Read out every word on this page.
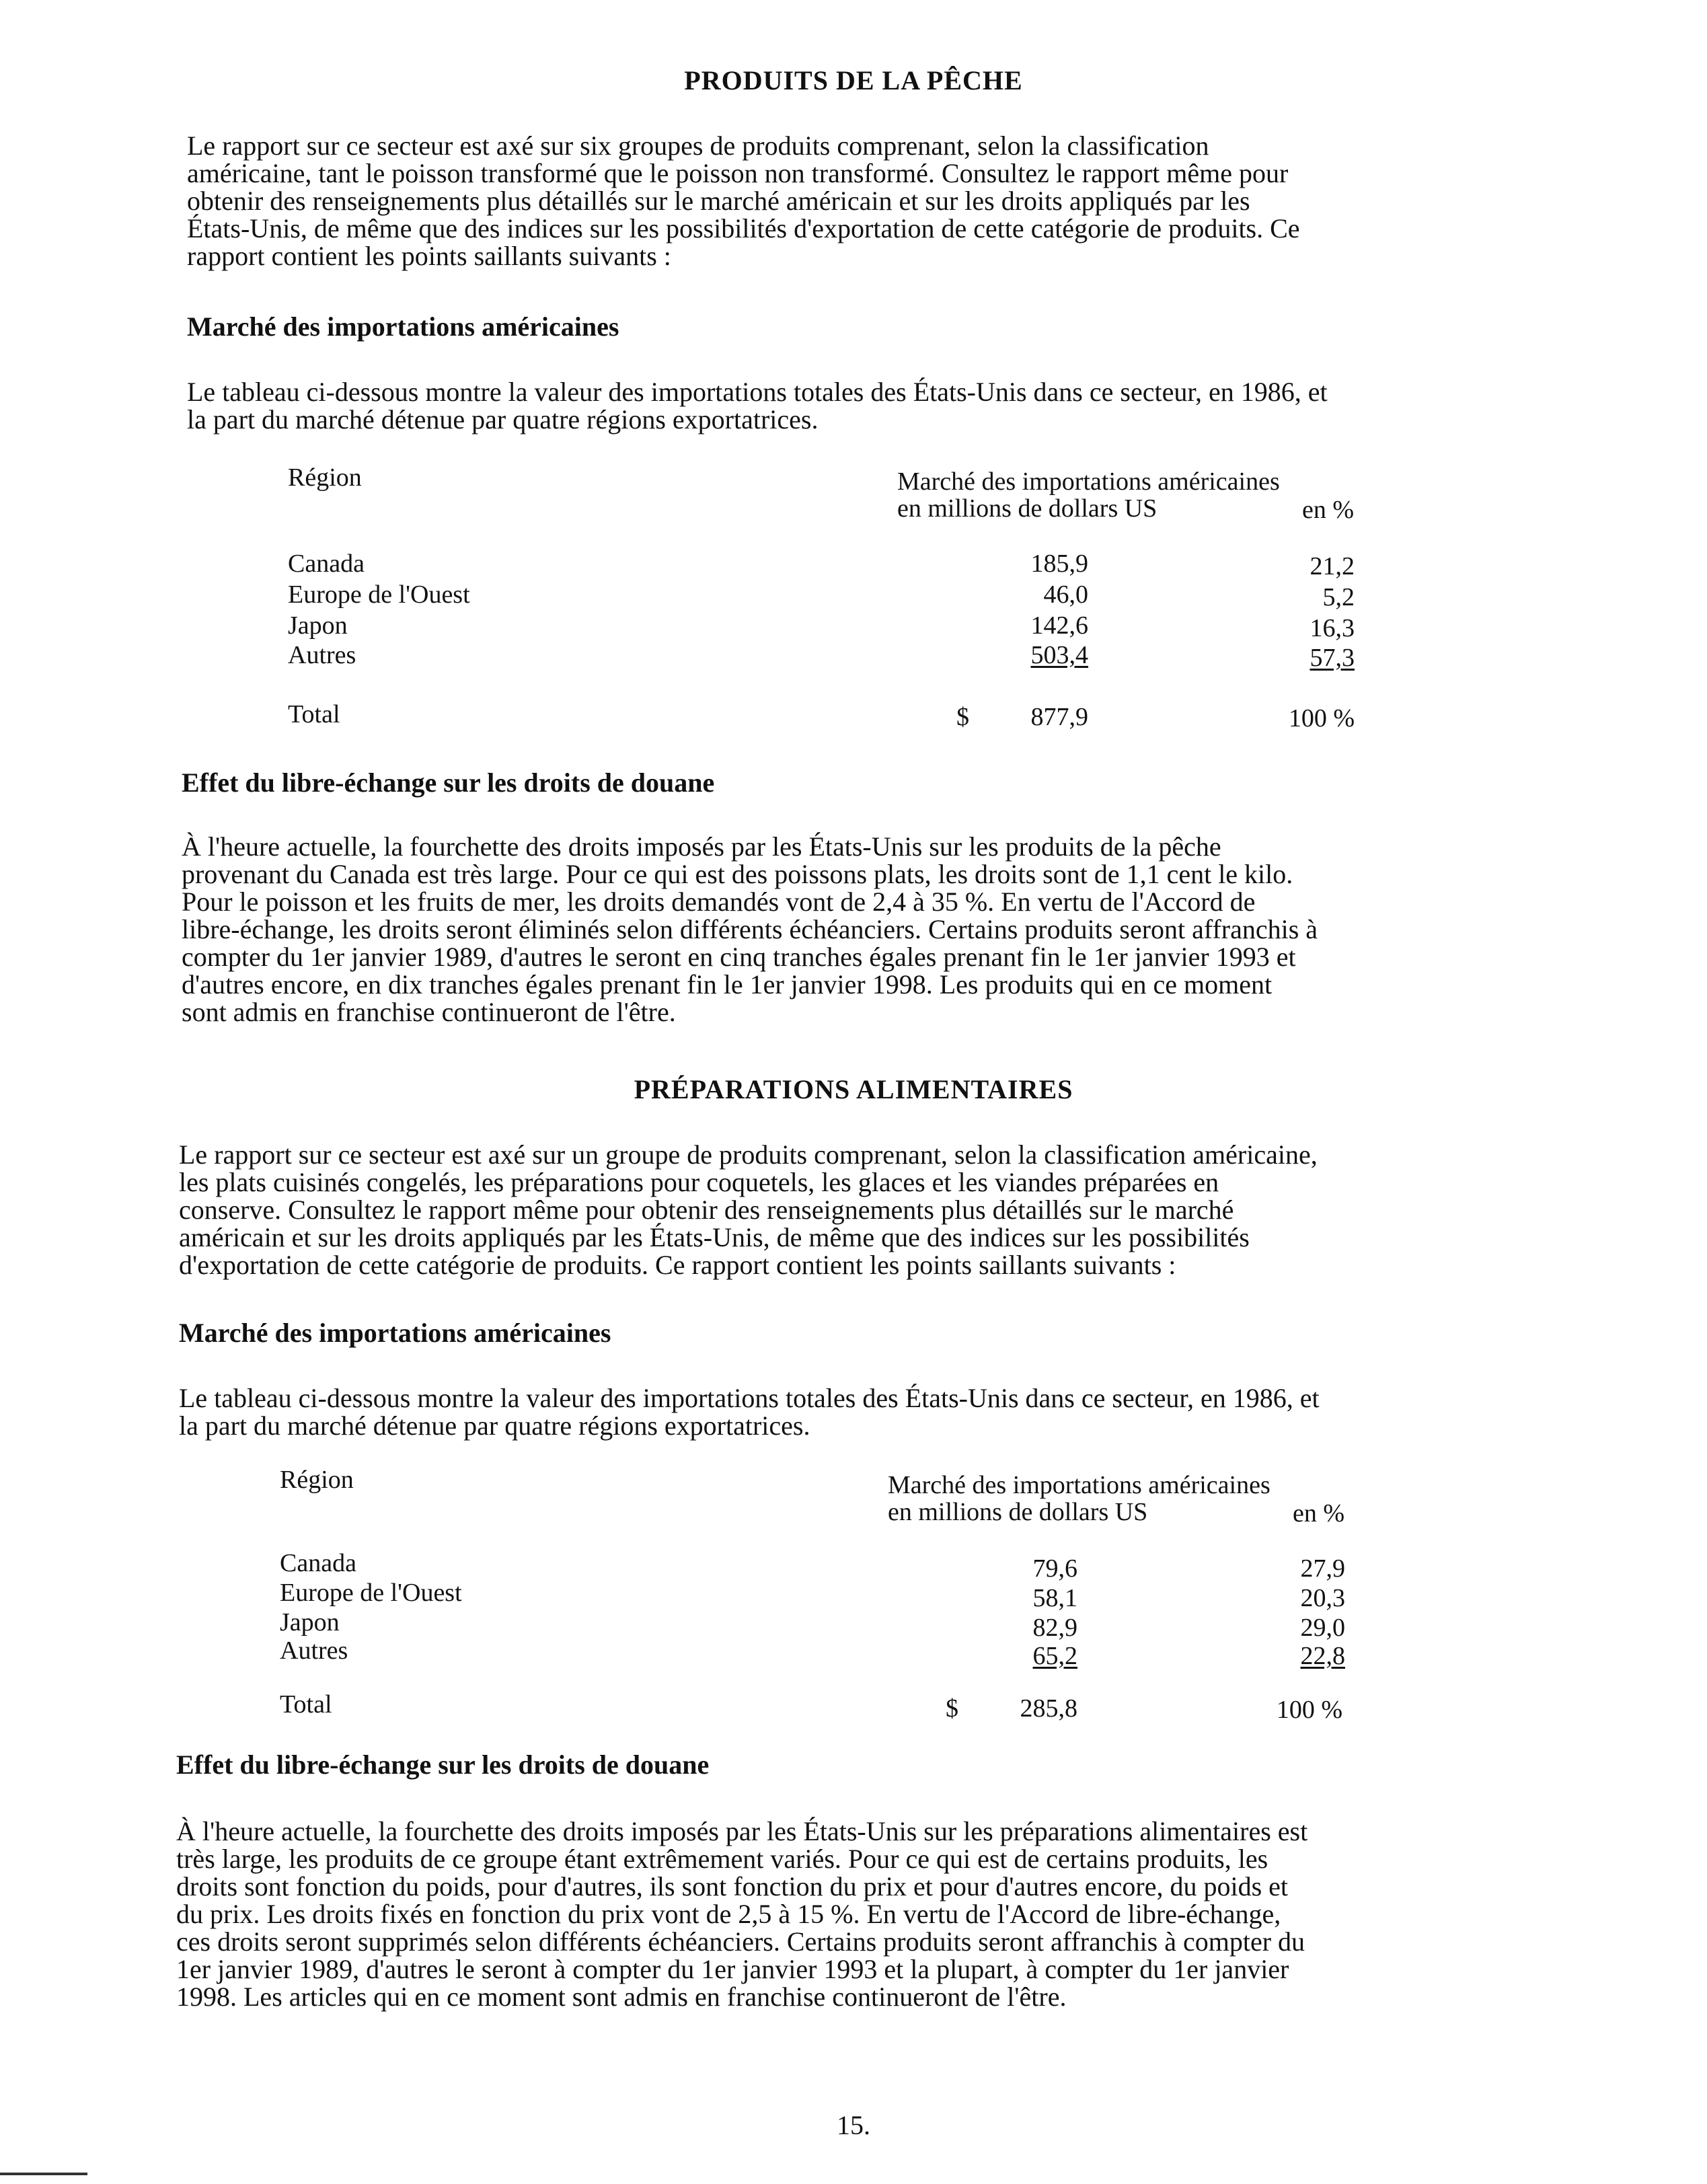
PRODUITS DE LA PÊCHE
Le rapport sur ce secteur est axé sur six groupes de produits comprenant, selon la classification
américaine, tant le poisson transformé que le poisson non transformé. Consultez le rapport même pour
obtenir des renseignements plus détaillés sur le marché américain et sur les droits appliqués par les
États-Unis, de même que des indices sur les possibilités d'exportation de cette catégorie de produits. Ce
rapport contient les points saillants suivants :
Marché des importations américaines
Le tableau ci-dessous montre la valeur des importations totales des États-Unis dans ce secteur, en 1986, et
la part du marché détenue par quatre régions exportatrices.
Région	Marché des importations américaines
en millions de dollars US	en %
Canada	185,9	21,2
Europe de l'Ouest	46,0	5,2
Japon	142,6	16,3
Autres	503,4	57,3
Total	$	877,9	100 %
Effet du libre-échange sur les droits de douane
À l'heure actuelle, la fourchette des droits imposés par les États-Unis sur les produits de la pêche
provenant du Canada est très large. Pour ce qui est des poissons plats, les droits sont de 1,1 cent le kilo.
Pour le poisson et les fruits de mer, les droits demandés vont de 2,4 à 35 %. En vertu de l'Accord de
libre-échange, les droits seront éliminés selon différents échéanciers. Certains produits seront affranchis à
compter du 1er janvier 1989, d'autres le seront en cinq tranches égales prenant fin le 1er janvier 1993 et
d'autres encore, en dix tranches égales prenant fin le 1er janvier 1998. Les produits qui en ce moment
sont admis en franchise continueront de l'être.
PRÉPARATIONS ALIMENTAIRES
Le rapport sur ce secteur est axé sur un groupe de produits comprenant, selon la classification américaine,
les plats cuisinés congelés, les préparations pour coquetels, les glaces et les viandes préparées en
conserve. Consultez le rapport même pour obtenir des renseignements plus détaillés sur le marché
américain et sur les droits appliqués par les États-Unis, de même que des indices sur les possibilités
d'exportation de cette catégorie de produits. Ce rapport contient les points saillants suivants :
Marché des importations américaines
Le tableau ci-dessous montre la valeur des importations totales des États-Unis dans ce secteur, en 1986, et
la part du marché détenue par quatre régions exportatrices.
Région	Marché des importations américaines
en millions de dollars US	en %
Canada	79,6	27,9
Europe de l'Ouest	58,1	20,3
Japon	82,9	29,0
Autres	65,2	22,8
Total	$	285,8	100 %
Effet du libre-échange sur les droits de douane
À l'heure actuelle, la fourchette des droits imposés par les États-Unis sur les préparations alimentaires est
très large, les produits de ce groupe étant extrêmement variés. Pour ce qui est de certains produits, les
droits sont fonction du poids, pour d'autres, ils sont fonction du prix et pour d'autres encore, du poids et
du prix. Les droits fixés en fonction du prix vont de 2,5 à 15 %. En vertu de l'Accord de libre-échange,
ces droits seront supprimés selon différents échéanciers. Certains produits seront affranchis à compter du
1er janvier 1989, d'autres le seront à compter du 1er janvier 1993 et la plupart, à compter du 1er janvier
1998. Les articles qui en ce moment sont admis en franchise continueront de l'être.
15.
